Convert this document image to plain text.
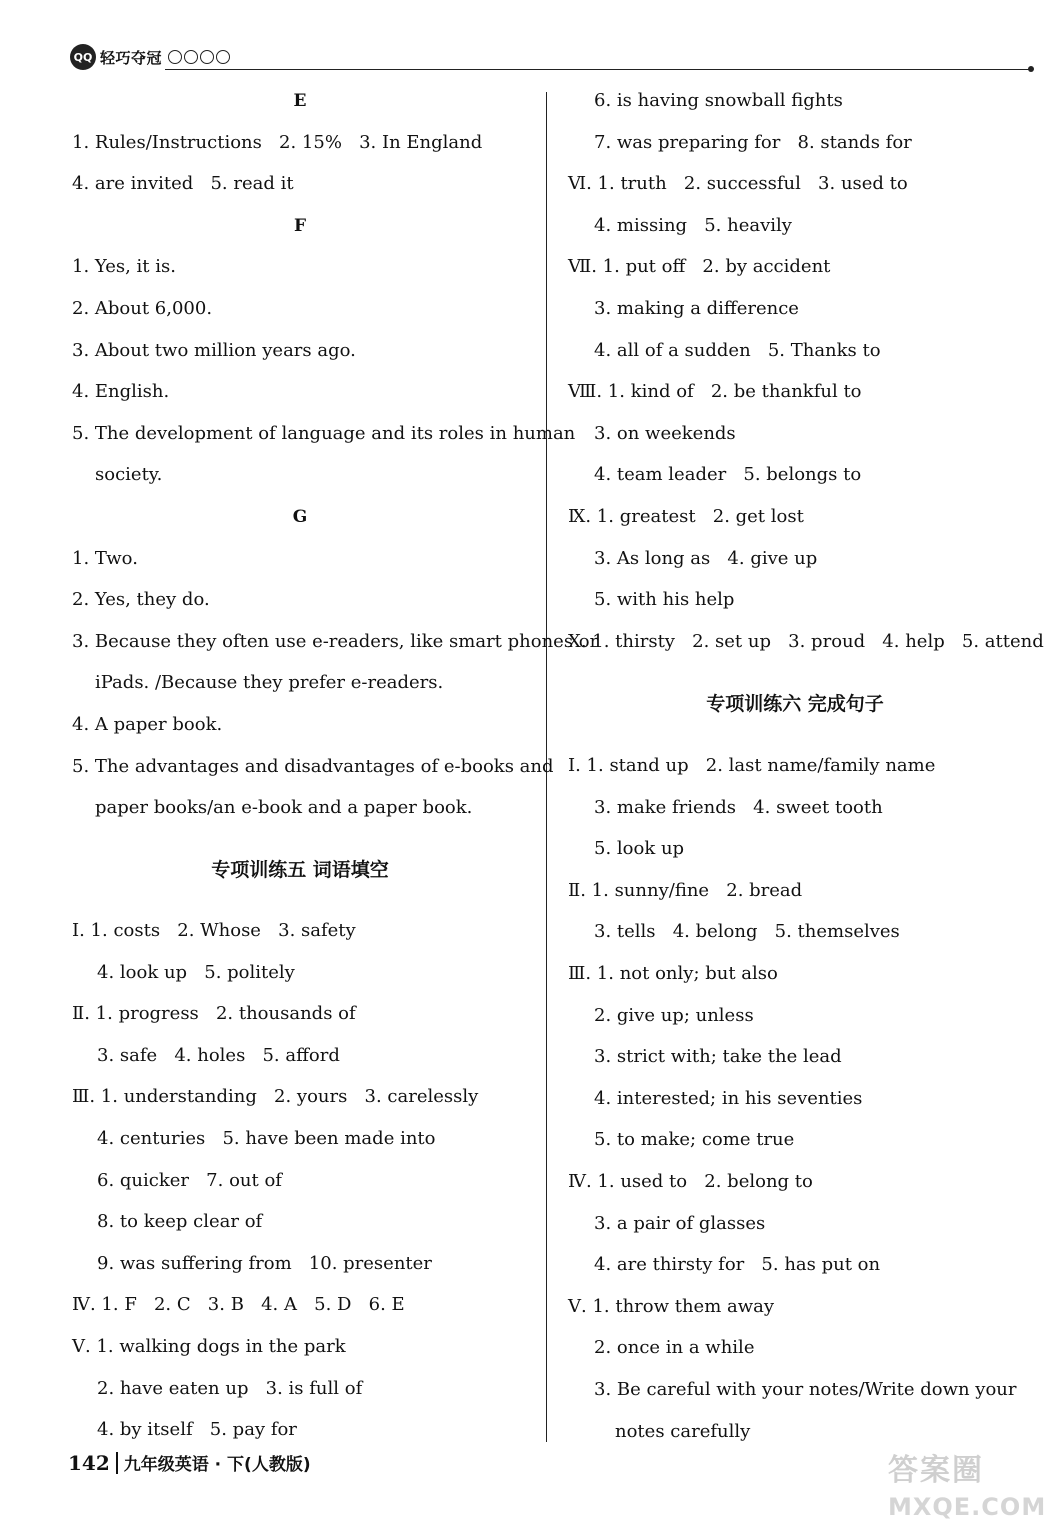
QQ 轻巧夺冠
E
1. Rules/Instructions   2. 15%   3. In England
4. are invited   5. read it
F
1. Yes, it is.
2. About 6,000.
3. About two million years ago.
4. English.
5. The development of language and its roles in human
society.
G
1. Two.
2. Yes, they do.
3. Because they often use e-readers, like smart phones or
iPads. /Because they prefer e-readers.
4. A paper book.
5. The advantages and disadvantages of e-books and
paper books/an e-book and a paper book.
专项训练五 词语填空
Ⅰ. 1. costs   2. Whose   3. safety
4. look up   5. politely
Ⅱ. 1. progress   2. thousands of
3. safe   4. holes   5. afford
Ⅲ. 1. understanding   2. yours   3. carelessly
4. centuries   5. have been made into
6. quicker   7. out of
8. to keep clear of
9. was suffering from   10. presenter
Ⅳ. 1. F   2. C   3. B   4. A   5. D   6. E
Ⅴ. 1. walking dogs in the park
2. have eaten up   3. is full of
4. by itself   5. pay for
6. is having snowball fights
7. was preparing for   8. stands for
Ⅵ. 1. truth   2. successful   3. used to
4. missing   5. heavily
Ⅶ. 1. put off   2. by accident
3. making a difference
4. all of a sudden   5. Thanks to
Ⅷ. 1. kind of   2. be thankful to
3. on weekends
4. team leader   5. belongs to
Ⅸ. 1. greatest   2. get lost
3. As long as   4. give up
5. with his help
Ⅹ. 1. thirsty   2. set up   3. proud   4. help   5. attend
专项训练六 完成句子
Ⅰ. 1. stand up   2. last name/family name
3. make friends   4. sweet tooth
5. look up
Ⅱ. 1. sunny/fine   2. bread
3. tells   4. belong   5. themselves
Ⅲ. 1. not only; but also
2. give up; unless
3. strict with; take the lead
4. interested; in his seventies
5. to make; come true
Ⅳ. 1. used to   2. belong to
3. a pair of glasses
4. are thirsty for   5. has put on
Ⅴ. 1. throw them away
2. once in a while
3. Be careful with your notes/Write down your
notes carefully
142 九年级英语 · 下(人教版)	答案圈
MXQE.COM
